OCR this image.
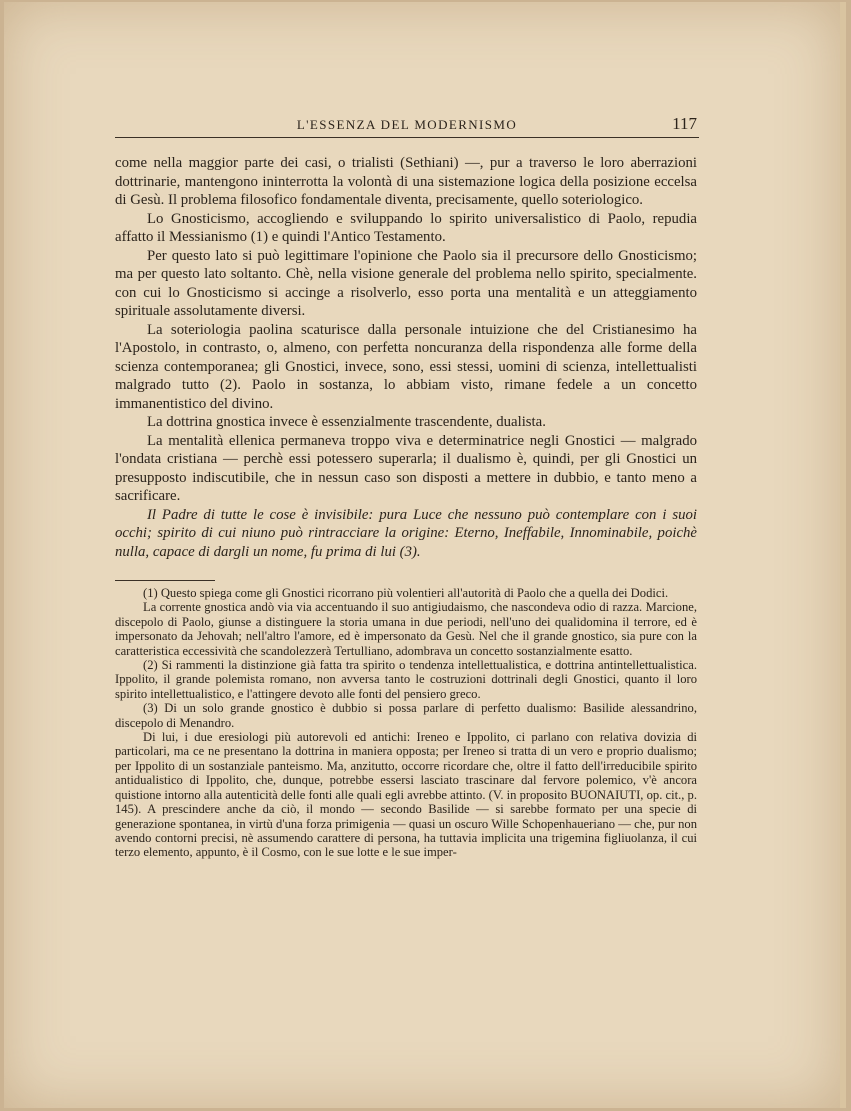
L'ESSENZA DEL MODERNISMO	117

come nella maggior parte dei casi, o trialisti (Sethiani) —, pur a traverso le loro aberrazioni dottrinarie, mantengono ininterrotta la volontà di una sistemazione logica della posizione eccelsa di Gesù. Il problema filosofico fondamentale diventa, precisamente, quello soteriologico.

Lo Gnosticismo, accogliendo e sviluppando lo spirito universalistico di Paolo, repudia affatto il Messianismo (1) e quindi l'Antico Testamento.

Per questo lato si può legittimare l'opinione che Paolo sia il precursore dello Gnosticismo; ma per questo lato soltanto. Chè, nella visione generale del problema nello spirito, specialmente. con cui lo Gnosticismo si accinge a risolverlo, esso porta una mentalità e un atteggiamento spirituale assolutamente diversi.

La soteriologia paolina scaturisce dalla personale intuizione che del Cristianesimo ha l'Apostolo, in contrasto, o, almeno, con perfetta noncuranza della rispondenza alle forme della scienza contemporanea; gli Gnostici, invece, sono, essi stessi, uomini di scienza, intellettualisti malgrado tutto (2). Paolo in sostanza, lo abbiam visto, rimane fedele a un concetto immanentistico del divino.

La dottrina gnostica invece è essenzialmente trascendente, dualista.

La mentalità ellenica permaneva troppo viva e determinatrice negli Gnostici — malgrado l'ondata cristiana — perchè essi potessero superarla; il dualismo è, quindi, per gli Gnostici un presupposto indiscutibile, che in nessun caso son disposti a mettere in dubbio, e tanto meno a sacrificare.

Il Padre di tutte le cose è invisibile: pura Luce che nessuno può contemplare con i suoi occhi; spirito di cui niuno può rintracciare la origine: Eterno, Ineffabile, Innominabile, poichè nulla, capace di dargli un nome, fu prima di lui (3).

(1) Questo spiega come gli Gnostici ricorrano più volentieri all'autorità di Paolo che a quella dei Dodici.

La corrente gnostica andò via via accentuando il suo antigiudaismo, che nascondeva odio di razza. Marcione, discepolo di Paolo, giunse a distinguere la storia umana in due periodi, nell'uno dei qualidomina il terrore, ed è impersonato da Jehovah; nell'altro l'amore, ed è impersonato da Gesù. Nel che il grande gnostico, sia pure con la caratteristica eccessività che scandolezzerà Tertulliano, adombrava un concetto sostanzialmente esatto.

(2) Si rammenti la distinzione già fatta tra spirito o tendenza intellettualistica, e dottrina antintellettualistica. Ippolito, il grande polemista romano, non avversa tanto le costruzioni dottrinali degli Gnostici, quanto il loro spirito intellettualistico, e l'attingere devoto alle fonti del pensiero greco.

(3) Di un solo grande gnostico è dubbio si possa parlare di perfetto dualismo: Basilide alessandrino, discepolo di Menandro.

Di lui, i due eresiologi più autorevoli ed antichi: Ireneo e Ippolito, ci parlano con relativa dovizia di particolari, ma ce ne presentano la dottrina in maniera opposta; per Ireneo si tratta di un vero e proprio dualismo; per Ippolito di un sostanziale panteismo. Ma, anzitutto, occorre ricordare che, oltre il fatto dell'irreducibile spirito antidualistico di Ippolito, che, dunque, potrebbe essersi lasciato trascinare dal fervore polemico, v'è ancora quistione intorno alla autenticità delle fonti alle quali egli avrebbe attinto. (V. in proposito BUONAIUTI, op. cit., p. 145). A prescindere anche da ciò, il mondo — secondo Basilide — si sarebbe formato per una specie di generazione spontanea, in virtù d'una forza primigenia — quasi un oscuro Wille Schopenhaueriano — che, pur non avendo contorni precisi, nè assumendo carattere di persona, ha tuttavia implicita una trigemina figliuolanza, il cui terzo elemento, appunto, è il Cosmo, con le sue lotte e le sue imper-
